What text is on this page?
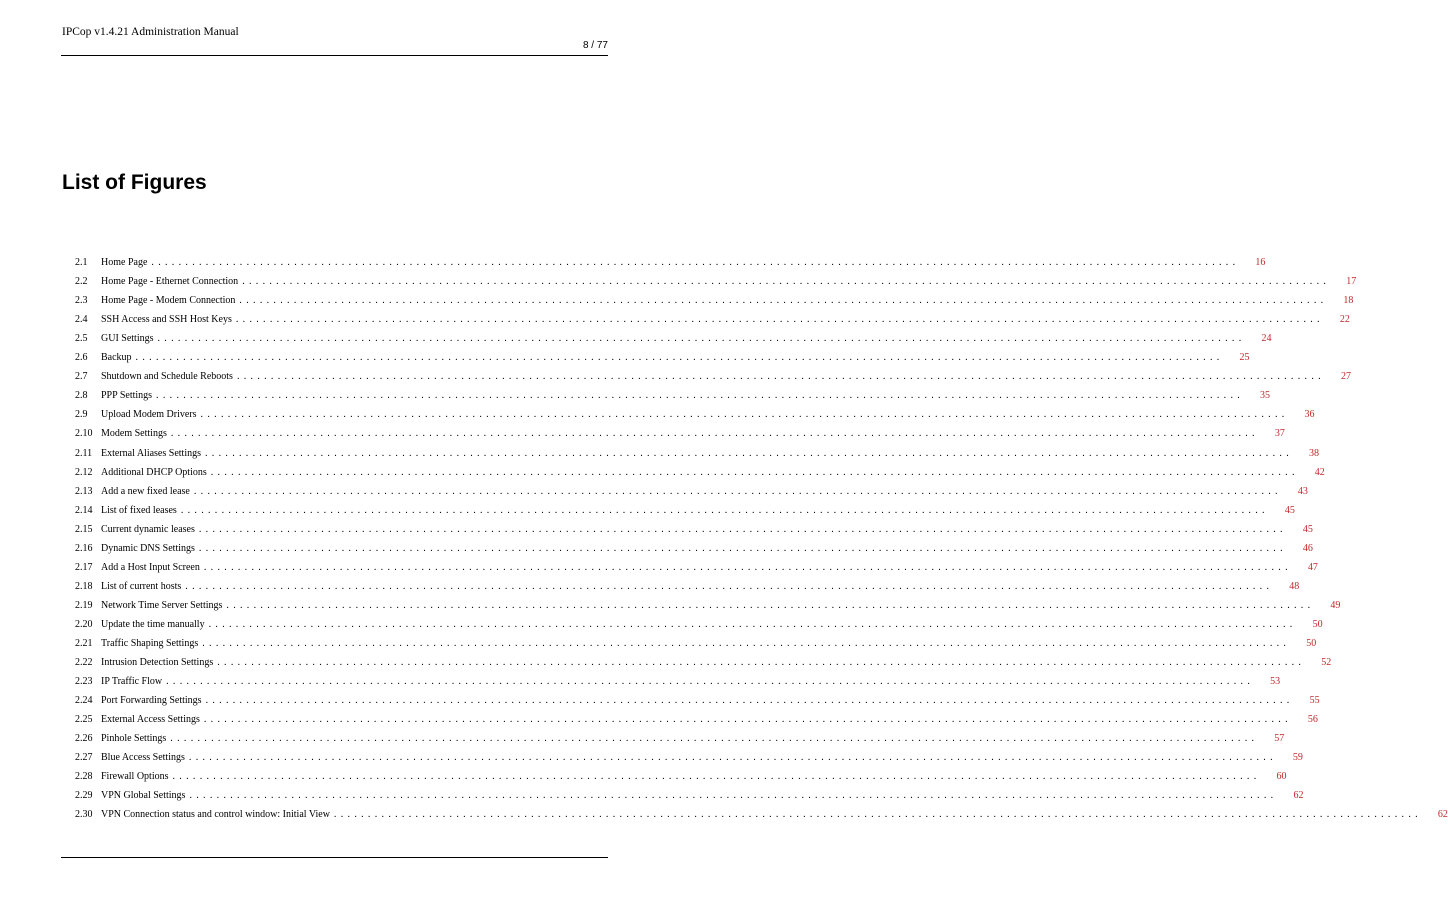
IPCop v1.4.21 Administration Manual
8 / 77
List of Figures
2.1	Home Page ................................................................................................................................................................	16
2.2	Home Page - Ethernet Connection ................................................................................................................................................................	17
2.3	Home Page - Modem Connection ................................................................................................................................................................	18
2.4	SSH Access and SSH Host Keys ................................................................................................................................................................	22
2.5	GUI Settings ................................................................................................................................................................	24
2.6	Backup ................................................................................................................................................................	25
2.7	Shutdown and Schedule Reboots ................................................................................................................................................................	27
2.8	PPP Settings ................................................................................................................................................................	35
2.9	Upload Modem Drivers ................................................................................................................................................................	36
2.10 Modem Settings ................................................................................................................................................................	37
2.11 External Aliases Settings ................................................................................................................................................................	38
2.12 Additional DHCP Options ................................................................................................................................................................	42
2.13 Add a new fixed lease ................................................................................................................................................................	43
2.14 List of fixed leases ................................................................................................................................................................	45
2.15 Current dynamic leases ................................................................................................................................................................	45
2.16 Dynamic DNS Settings ................................................................................................................................................................	46
2.17 Add a Host Input Screen ................................................................................................................................................................	47
2.18 List of current hosts ................................................................................................................................................................	48
2.19 Network Time Server Settings ................................................................................................................................................................	49
2.20 Update the time manually ................................................................................................................................................................	50
2.21 Traffic Shaping Settings ................................................................................................................................................................	50
2.22 Intrusion Detection Settings ................................................................................................................................................................	52
2.23 IP Traffic Flow ................................................................................................................................................................	53
2.24 Port Forwarding Settings ................................................................................................................................................................	55
2.25 External Access Settings ................................................................................................................................................................	56
2.26 Pinhole Settings ................................................................................................................................................................	57
2.27 Blue Access Settings ................................................................................................................................................................	59
2.28 Firewall Options ................................................................................................................................................................	60
2.29 VPN Global Settings ................................................................................................................................................................	62
2.30 VPN Connection status and control window: Initial View ................................................................................................................................................................	62
